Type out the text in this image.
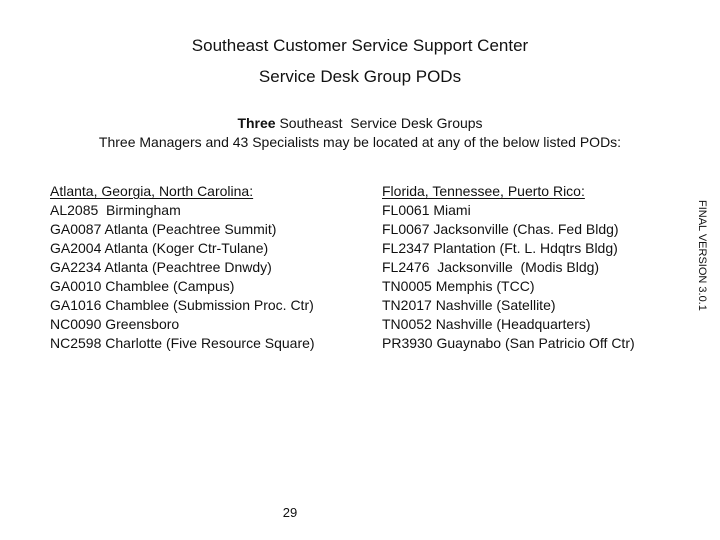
Southeast Customer Service Support Center
Service Desk Group PODs
Three Southeast  Service Desk Groups
Three Managers and 43 Specialists may be located at any of the below listed PODs:
Atlanta, Georgia, North Carolina:
AL2085  Birmingham
GA0087 Atlanta (Peachtree Summit)
GA2004 Atlanta (Koger Ctr-Tulane)
GA2234 Atlanta (Peachtree Dnwdy)
GA0010 Chamblee (Campus)
GA1016 Chamblee (Submission Proc. Ctr)
NC0090 Greensboro
NC2598 Charlotte (Five Resource Square)
Florida, Tennessee, Puerto Rico:
FL0061 Miami
FL0067 Jacksonville (Chas. Fed Bldg)
FL2347 Plantation (Ft. L. Hdqtrs Bldg)
FL2476  Jacksonville  (Modis Bldg)
TN0005 Memphis (TCC)
TN2017 Nashville (Satellite)
TN0052 Nashville (Headquarters)
PR3930 Guaynabo (San Patricio Off Ctr)
FINAL VERSION 3.0.1
29
